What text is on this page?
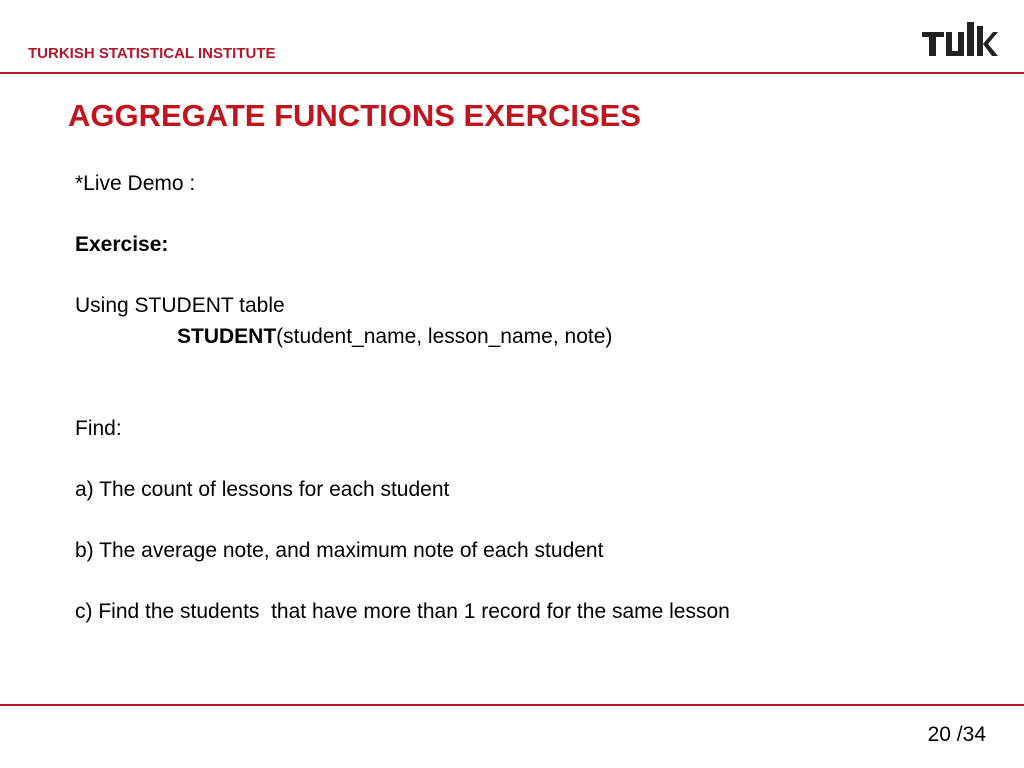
TURKISH STATISTICAL INSTITUTE
AGGREGATE FUNCTIONS EXERCISES
*Live Demo :
Exercise:
Using STUDENT table
STUDENT(student_name, lesson_name, note)
Find:
a) The count of lessons for each student
b) The average note, and maximum note of each student
c) Find the students  that have more than 1 record for the same lesson
20 /34
